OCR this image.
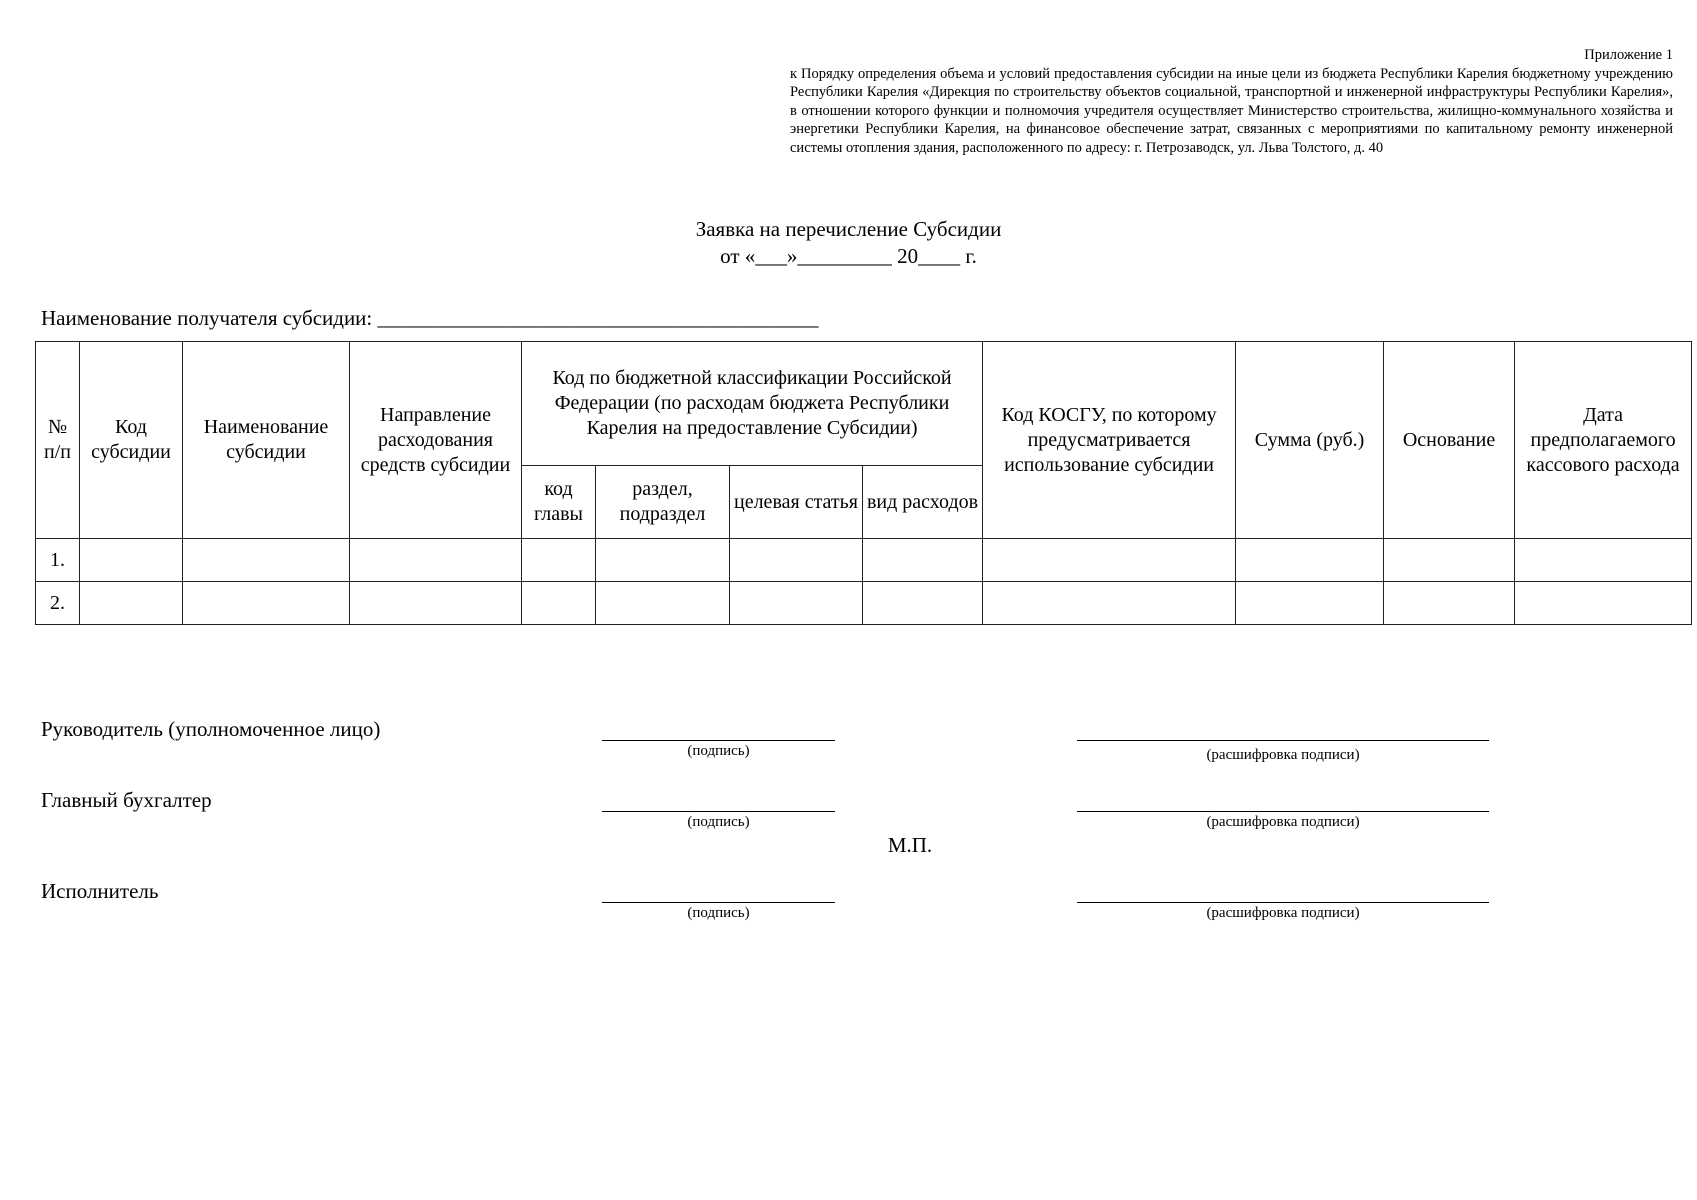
Приложение 1
к Порядку определения объема и условий предоставления субсидии на иные цели из бюджета Республики Карелия бюджетному учреждению Республики Карелия «Дирекция по строительству объектов социальной, транспортной и инженерной инфраструктуры Республики Карелия», в отношении которого функции и полномочия учредителя осуществляет Министерство строительства, жилищно-коммунального хозяйства и энергетики Республики Карелия, на финансовое обеспечение затрат, связанных с мероприятиями по капитальному ремонту инженерной системы отопления здания, расположенного по адресу: г. Петрозаводск, ул. Льва Толстого, д. 40
Заявка на перечисление Субсидии
от «___»_________ 20____ г.
Наименование получателя субсидии: __________________________________________
№ п/п	Код субсидии	Наименование субсидии	Направление расходования средств субсидии	Код по бюджетной классификации Российской Федерации (по расходам бюджета Республики Карелия на предоставление Субсидии)				Код КОСГУ, по которому предусматривается использование субсидии	Сумма (руб.)	Основание	Дата предполагаемого кассового расхода
				код главы	раздел, подраздел	целевая статья	вид расходов				
1.											
2.											
Руководитель (уполномоченное лицо)
(подпись)	(расшифровка подписи)
Главный бухгалтер
(подпись)	(расшифровка подписи)
М.П.
Исполнитель
(подпись)	(расшифровка подписи)
